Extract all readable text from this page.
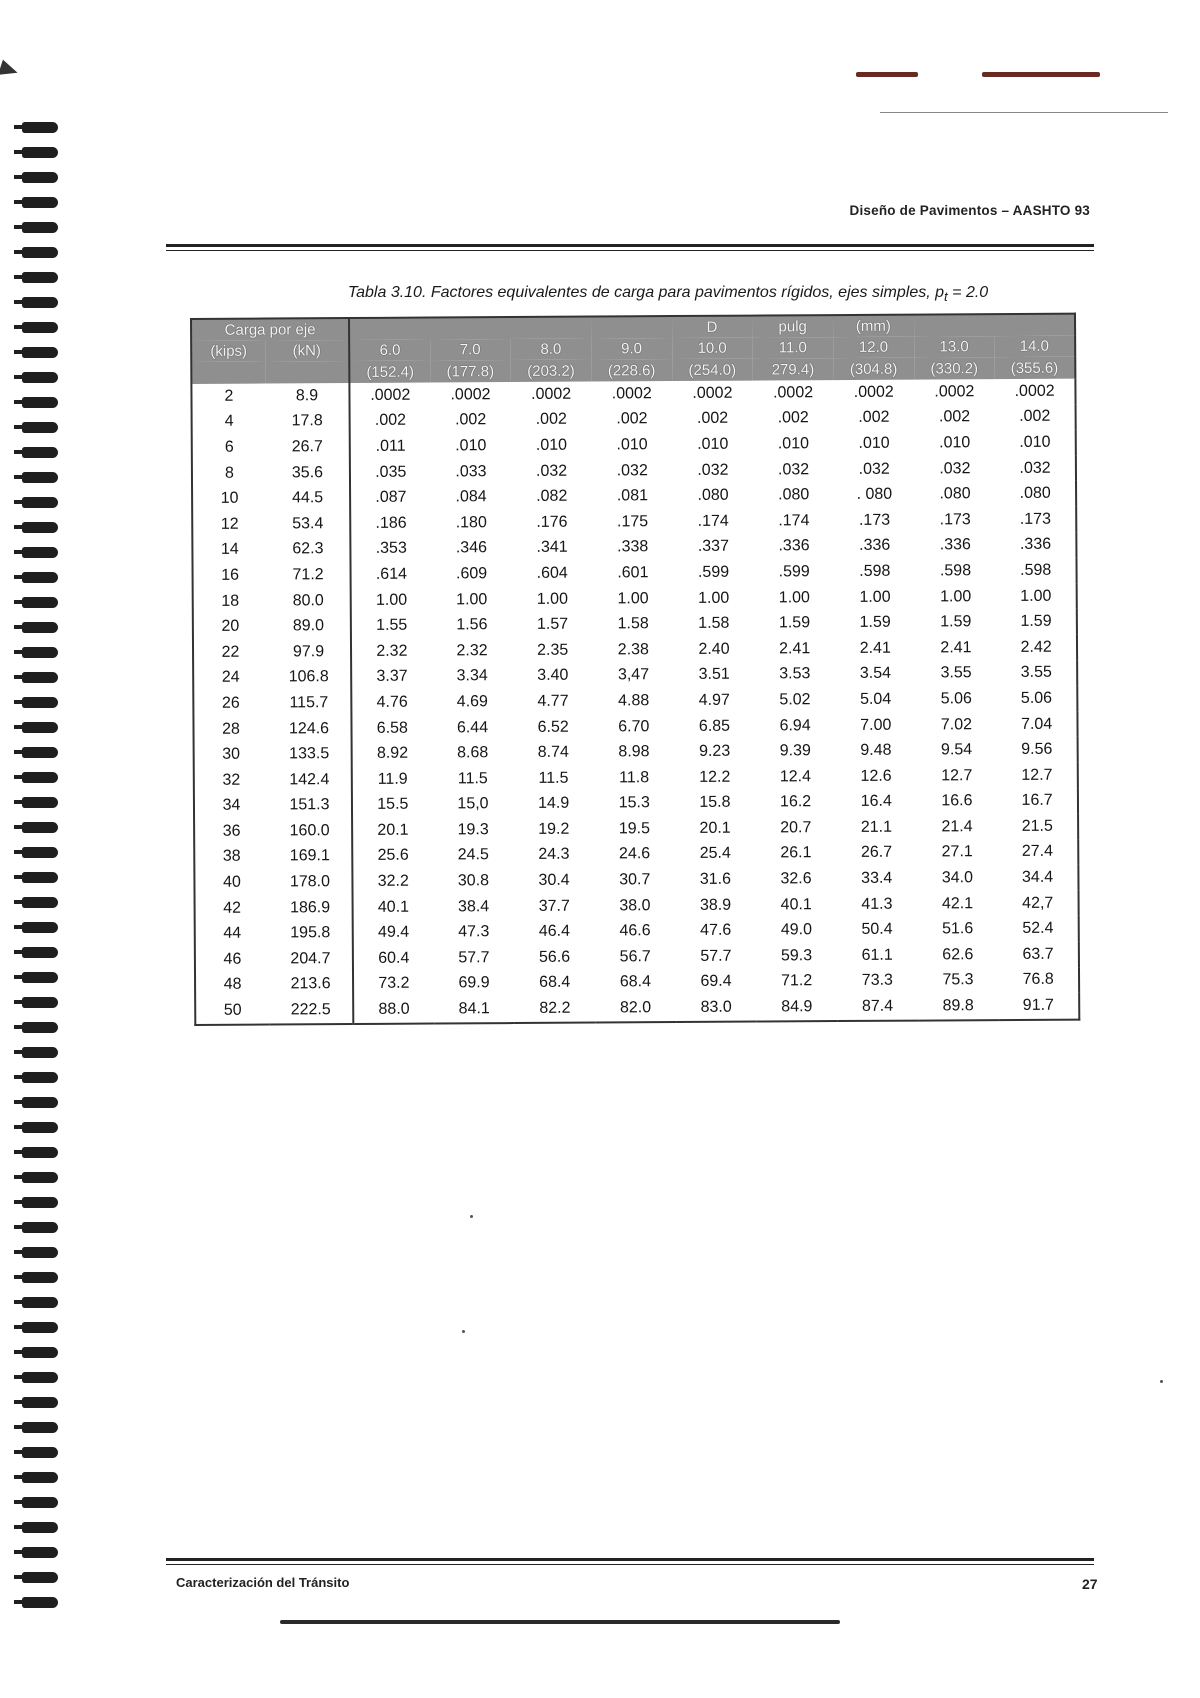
Diseño de Pavimentos – AASHTO 93
Tabla 3.10. Factores equivalentes de carga para pavimentos rígidos, ejes simples, $p_t = 2.0$
Carga por eje						D	pulg	(mm)		
(kips)	(kN)	6.0	7.0	8.0	9.0	10.0	11.0	12.0	13.0	14.0
		(152.4)	(177.8)	(203.2)	(228.6)	(254.0)	279.4)	(304.8)	(330.2)	(355.6)
2	8.9	.0002	.0002	.0002	.0002	.0002	.0002	.0002	.0002	.0002
4	17.8	.002	.002	.002	.002	.002	.002	.002	.002	.002
6	26.7	.011	.010	.010	.010	.010	.010	.010	.010	.010
8	35.6	.035	.033	.032	.032	.032	.032	.032	.032	.032
10	44.5	.087	.084	.082	.081	.080	.080	. 080	.080	.080
12	53.4	.186	.180	.176	.175	.174	.174	.173	.173	.173
14	62.3	.353	.346	.341	.338	.337	.336	.336	.336	.336
16	71.2	.614	.609	.604	.601	.599	.599	.598	.598	.598
18	80.0	1.00	1.00	1.00	1.00	1.00	1.00	1.00	1.00	1.00
20	89.0	1.55	1.56	1.57	1.58	1.58	1.59	1.59	1.59	1.59
22	97.9	2.32	2.32	2.35	2.38	2.40	2.41	2.41	2.41	2.42
24	106.8	3.37	3.34	3.40	3,47	3.51	3.53	3.54	3.55	3.55
26	115.7	4.76	4.69	4.77	4.88	4.97	5.02	5.04	5.06	5.06
28	124.6	6.58	6.44	6.52	6.70	6.85	6.94	7.00	7.02	7.04
30	133.5	8.92	8.68	8.74	8.98	9.23	9.39	9.48	9.54	9.56
32	142.4	11.9	11.5	11.5	11.8	12.2	12.4	12.6	12.7	12.7
34	151.3	15.5	15,0	14.9	15.3	15.8	16.2	16.4	16.6	16.7
36	160.0	20.1	19.3	19.2	19.5	20.1	20.7	21.1	21.4	21.5
38	169.1	25.6	24.5	24.3	24.6	25.4	26.1	26.7	27.1	27.4
40	178.0	32.2	30.8	30.4	30.7	31.6	32.6	33.4	34.0	34.4
42	186.9	40.1	38.4	37.7	38.0	38.9	40.1	41.3	42.1	42,7
44	195.8	49.4	47.3	46.4	46.6	47.6	49.0	50.4	51.6	52.4
46	204.7	60.4	57.7	56.6	56.7	57.7	59.3	61.1	62.6	63.7
48	213.6	73.2	69.9	68.4	68.4	69.4	71.2	73.3	75.3	76.8
50	222.5	88.0	84.1	82.2	82.0	83.0	84.9	87.4	89.8	91.7
Caracterización del Tránsito	27
